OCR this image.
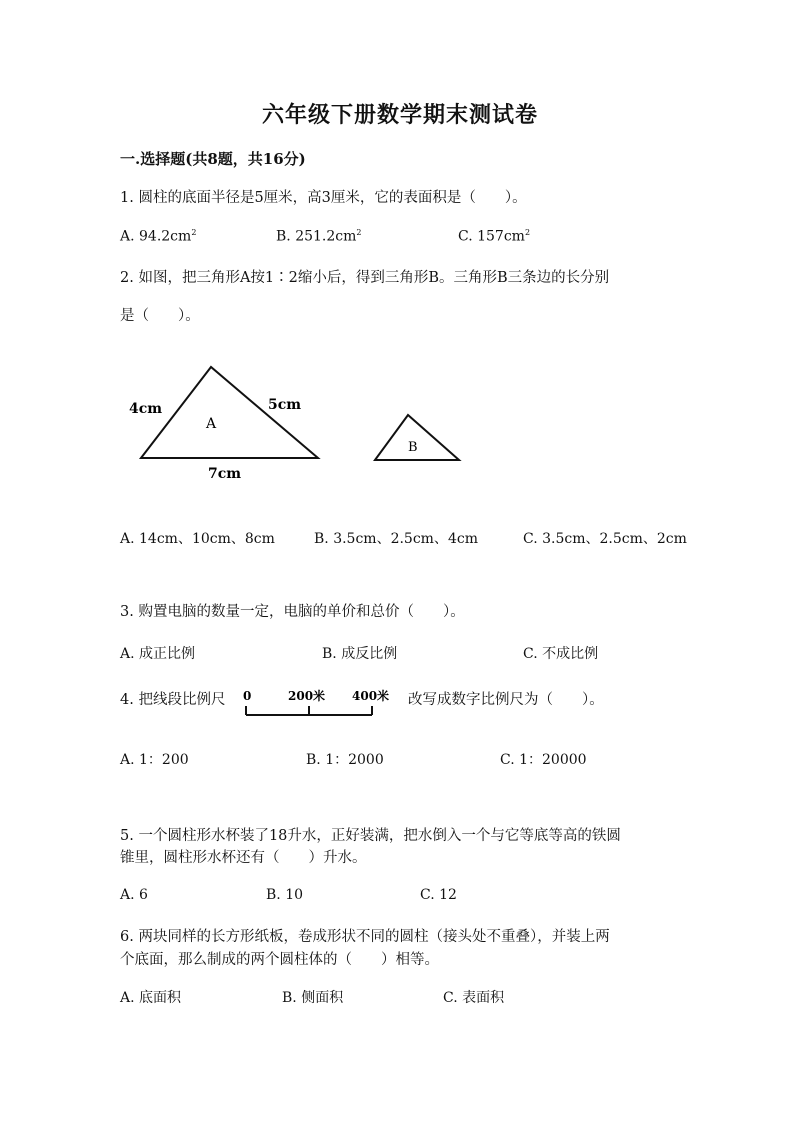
六年级下册数学期末测试卷
一.选择题(共8题，共16分)
1. 圆柱的底面半径是5厘米，高3厘米，它的表面积是（　　）。
A. $94.2cm^2$	B. $251.2cm^2$	C. $157cm^2$
2. 如图，把三角形A按1∶2缩小后，得到三角形B。三角形B三条边的长分别
是（　　）。
4cm	5cm
7cm
A
B
A. 14cm、10cm、8cm	B. 3.5cm、2.5cm、4cm	C. 3.5cm、2.5cm、2cm
3. 购置电脑的数量一定，电脑的单价和总价（　　）。
A. 成正比例	B. 成反比例	C. 不成比例
4. 把线段比例尺 0	200米 400米 改写成数字比例尺为（　　）。
A. 1：200	B. 1：2000	C. 1：20000
5. 一个圆柱形水杯装了18升水，正好装满，把水倒入一个与它等底等高的铁圆
锥里，圆柱形水杯还有（　　）升水。
A. 6	B. 10	C. 12
6. 两块同样的长方形纸板，卷成形状不同的圆柱（接头处不重叠），并装上两
个底面，那么制成的两个圆柱体的（　　）相等。
A. 底面积	B. 侧面积	C. 表面积
